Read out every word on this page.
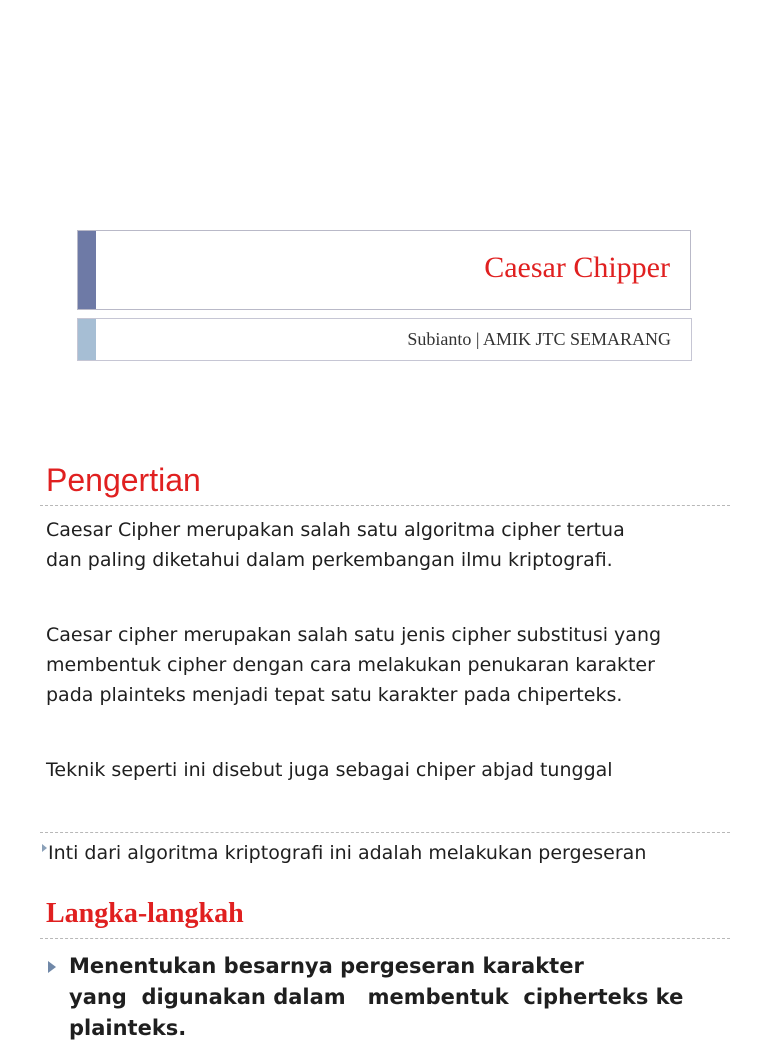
Caesar Chipper
Subianto | AMIK JTC SEMARANG
Pengertian
Caesar Cipher merupakan salah satu algoritma cipher tertua
dan paling diketahui dalam perkembangan ilmu kriptografi.
Caesar cipher merupakan salah satu jenis cipher substitusi yang
membentuk cipher dengan cara melakukan penukaran karakter
pada plainteks menjadi tepat satu karakter pada chiperteks.
Teknik seperti ini disebut juga sebagai chiper abjad tunggal
Inti dari algoritma kriptografi ini adalah melakukan pergeseran
Langka-langkah
Menentukan besarnya pergeseran karakter
yang  digunakan dalam   membentuk  cipherteks ke
plainteks.
